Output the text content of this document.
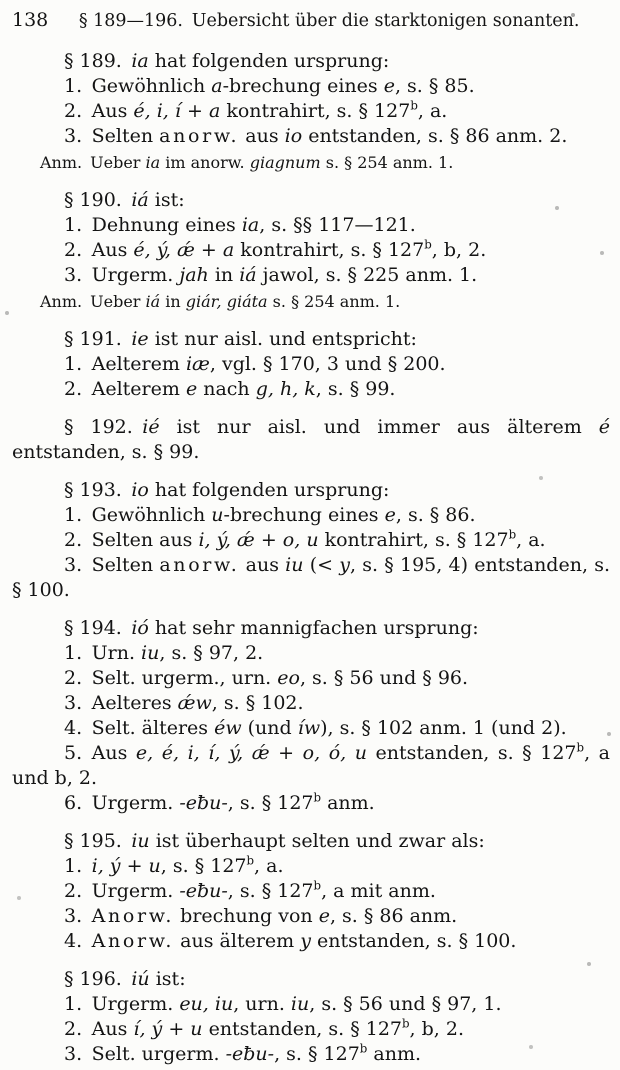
138	§ 189—196. Uebersicht über die starktonigen sonanten.

§ 189. ia hat folgenden ursprung:

1. Gewöhnlich a-brechung eines e, s. § 85.

2. Aus é, i, í + a kontrahirt, s. § 127$^b$, a.

3. Selten anorw. aus io entstanden, s. § 86 anm. 2.

Anm. Ueber ia im anorw. giagnum s. § 254 anm. 1.

§ 190. iá ist:

1. Dehnung eines ia, s. §§ 117—121.

2. Aus é, ý, ǽ + a kontrahirt, s. § 127$^b$, b, 2.

3. Urgerm. jah in iá jawol, s. § 225 anm. 1.

Anm. Ueber iá in giár, giáta s. § 254 anm. 1.

§ 191. ie ist nur aisl. und entspricht:

1. Aelterem iæ, vgl. § 170, 3 und § 200.

2. Aelterem e nach g, h, k, s. § 99.

§ 192. ié ist nur aisl. und immer aus älterem é entstanden, s. § 99.

§ 193. io hat folgenden ursprung:

1. Gewöhnlich u-brechung eines e, s. § 86.

2. Selten aus i, ý, ǽ + o, u kontrahirt, s. § 127$^b$, a.

3. Selten anorw. aus iu (< y, s. § 195, 4) entstanden, s. § 100.

§ 194. ió hat sehr mannigfachen ursprung:

1. Urn. iu, s. § 97, 2.

2. Selt. urgerm., urn. eo, s. § 56 und § 96.

3. Aelteres ǽw, s. § 102.

4. Selt. älteres éw (und íw), s. § 102 anm. 1 (und 2).

5. Aus e, é, i, í, ý, ǽ + o, ó, u entstanden, s. § 127$^b$, a und b, 2.

6. Urgerm. -eƀu-, s. § 127$^b$ anm.

§ 195. iu ist überhaupt selten und zwar als:

1. i, ý + u, s. § 127$^b$, a.

2. Urgerm. -eƀu-, s. § 127$^b$, a mit anm.

3. Anorw. brechung von e, s. § 86 anm.

4. Anorw. aus älterem y entstanden, s. § 100.

§ 196. iú ist:

1. Urgerm. eu, iu, urn. iu, s. § 56 und § 97, 1.

2. Aus í, ý + u entstanden, s. § 127$^b$, b, 2.

3. Selt. urgerm. -eƀu-, s. § 127$^b$ anm.
